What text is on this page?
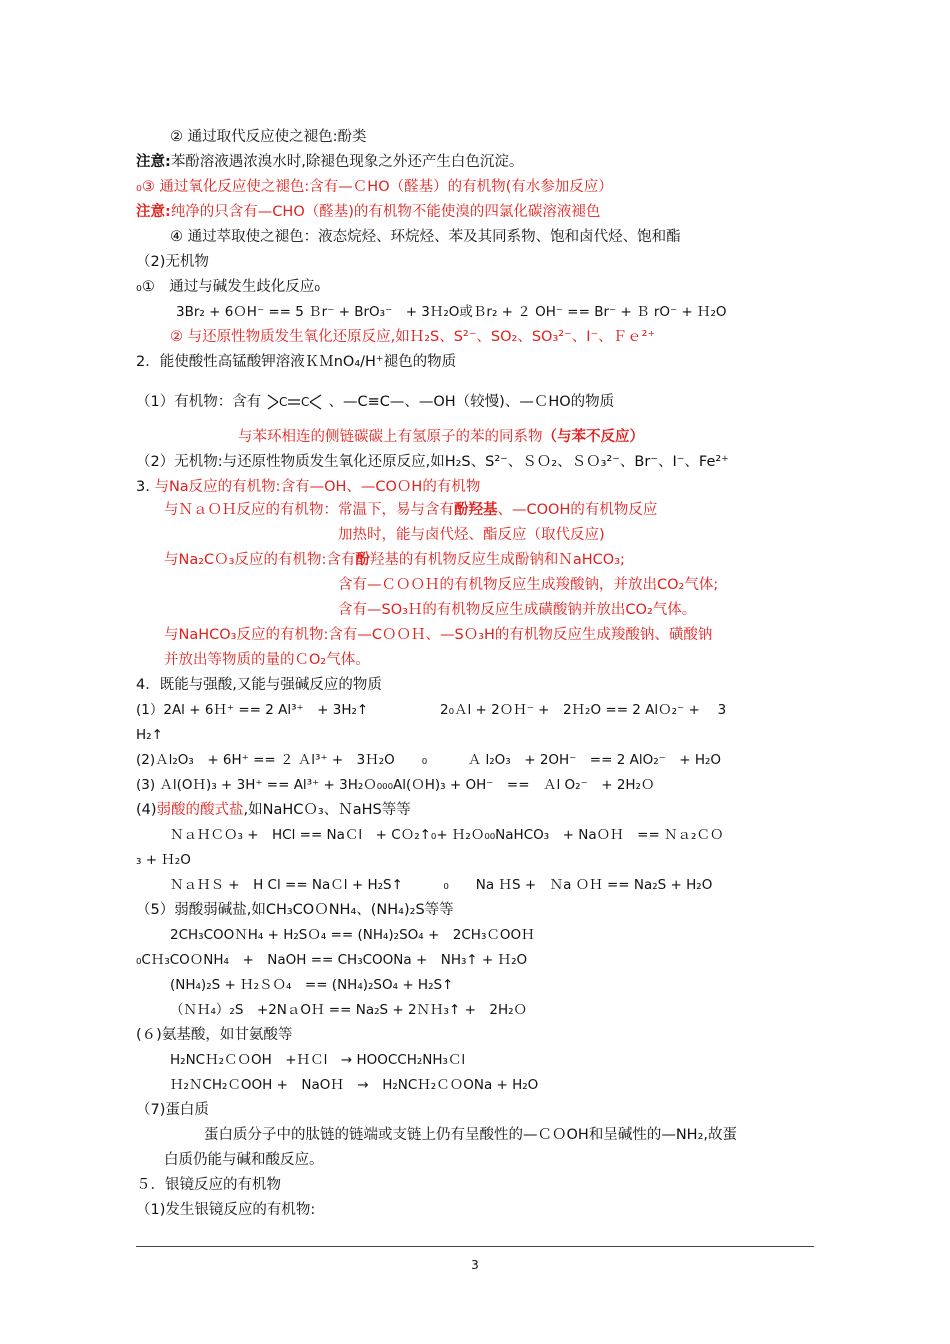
② 通过取代反应使之褪色:酚类
注意:苯酚溶液遇浓溴水时,除褪色现象之外还产生白色沉淀。
₀③ 通过氧化反应使之褪色:含有—ＣHO（醛基）的有机物(有水参加反应）
注意:纯净的只含有—CHO（醛基)的有机物不能使溴的四氯化碳溶液褪色
④ 通过萃取使之褪色：液态烷烃、环烷烃、苯及其同系物、饱和卤代烃、饱和酯
（2)无机物
₀①　通过与碱发生歧化反应₀
3Br₂ + 6ＯH⁻ == 5 Ｂr⁻ + BrO₃⁻　+ 3Ｈ₂O或Ｂr₂ + ２ OH⁻ == Br⁻ + Ｂ rO⁻ + Ｈ₂O
② 与还原性物质发生氧化还原反应,如Ｈ₂S、S²⁻、SO₂、SO₃²⁻、I⁻、Ｆｅ²⁺
2．能使酸性高锰酸钾溶液ＫＭnO₄/H⁺褪色的物质
（1）有机物：含有 C C 、—C≡C—、—OH（较慢)、—ＣHO的物质
与苯环相连的侧链碳碳上有氢原子的苯的同系物（与苯不反应）
（2）无机物:与还原性物质发生氧化还原反应,如H₂S、S²⁻、ＳＯ₂、ＳＯ₃²⁻、Br⁻、I⁻、Fe²⁺
3. 与Na反应的有机物:含有—OH、—COＯH的有机物
与ＮａＯＨ反应的有机物：常温下，易与含有酚羟基、—COOH的有机物反应
加热时，能与卤代烃、酯反应（取代反应)
与Na₂CＯ₃反应的有机物:含有酚羟基的有机物反应生成酚钠和ＮaHCO₃;
含有—ＣＯＯＨ的有机物反应生成羧酸钠，并放出CO₂气体;
含有—SO₃Ｈ的有机物反应生成磺酸钠并放出CO₂气体。
与NaHCO₃反应的有机物:含有—CＯＯＨ、—SＯ₃H的有机物反应生成羧酸钠、磺酸钠
并放出等物质的量的ＣO₂气体。
4．既能与强酸,又能与强碱反应的物质
(1）2Al + 6Ｈ⁺ == 2 Al³⁺　+ 3H₂↑　　　　　 2₀Ａl + 2ＯＨ⁻ +　2Ｈ₂O == 2 AlＯ₂⁻ +　 3
H₂↑
(2)Ａl₂O₃　+ 6H⁺ == ２ Ａl³⁺ +　3Ｈ₂O　　₀　　　Ａ l₂O₃　+ 2OH⁻　== 2 AlO₂⁻　+ H₂O
(3) Ａl(OＨ)₃ + 3H⁺ == Al³⁺ + 3H₂Ｏ₀₀₀Al(ＯH)₃ + OH⁻　==　Ａl O₂⁻　+ 2H₂Ｏ
(4)弱酸的酸式盐,如NaHCＯ₃、ＮaHS等等
ＮａＨＣＯ₃ +　HCl == NaＣl　+ CＯ₂↑₀+ Ｈ₂Ｏ₀₀NaHCO₃　+ NaＯＨ　== Ｎａ₂ＣＯ
₃ + Ｈ₂O
ＮａＨＳ +　H Cl == NaＣl + H₂S↑　　　₀　　Na ＨS +　Ｎa ＯＨ == Na₂S + H₂O
（5）弱酸弱碱盐,如CH₃COＯNH₄、(NH₄)₂S等等
2CH₃COOＮH₄ + H₂SＯ₄ == (NH₄)₂SO₄ +　2CH₃ＣOOＨ
₀CＨ₃COＯNH₄　+　NaOH == CH₃COONa +　NH₃↑ + Ｈ₂O
(NH₄)₂S + Ｈ₂ＳＯ₄　== (NH₄)₂SO₄ + H₂S↑
（ＮＨ₄）₂S　+2NａOＨ == Na₂S + 2ＮＨ₃↑ +　2H₂Ｏ
(６)氨基酸，如甘氨酸等
H₂NCＨ₂ＣＯOH　+ＨＣl　→ HOOCCH₂NH₃Ｃl
Ｈ₂ＮCH₂ＣOOH +　NaOＨ　→　H₂NCＨ₂ＣＯONa + H₂O
（7)蛋白质
蛋白质分子中的肽链的链端或支链上仍有呈酸性的—ＣＯOH和呈碱性的—NH₂,故蛋
白质仍能与碱和酸反应。
５．银镜反应的有机物
（1)发生银镜反应的有机物:
3
